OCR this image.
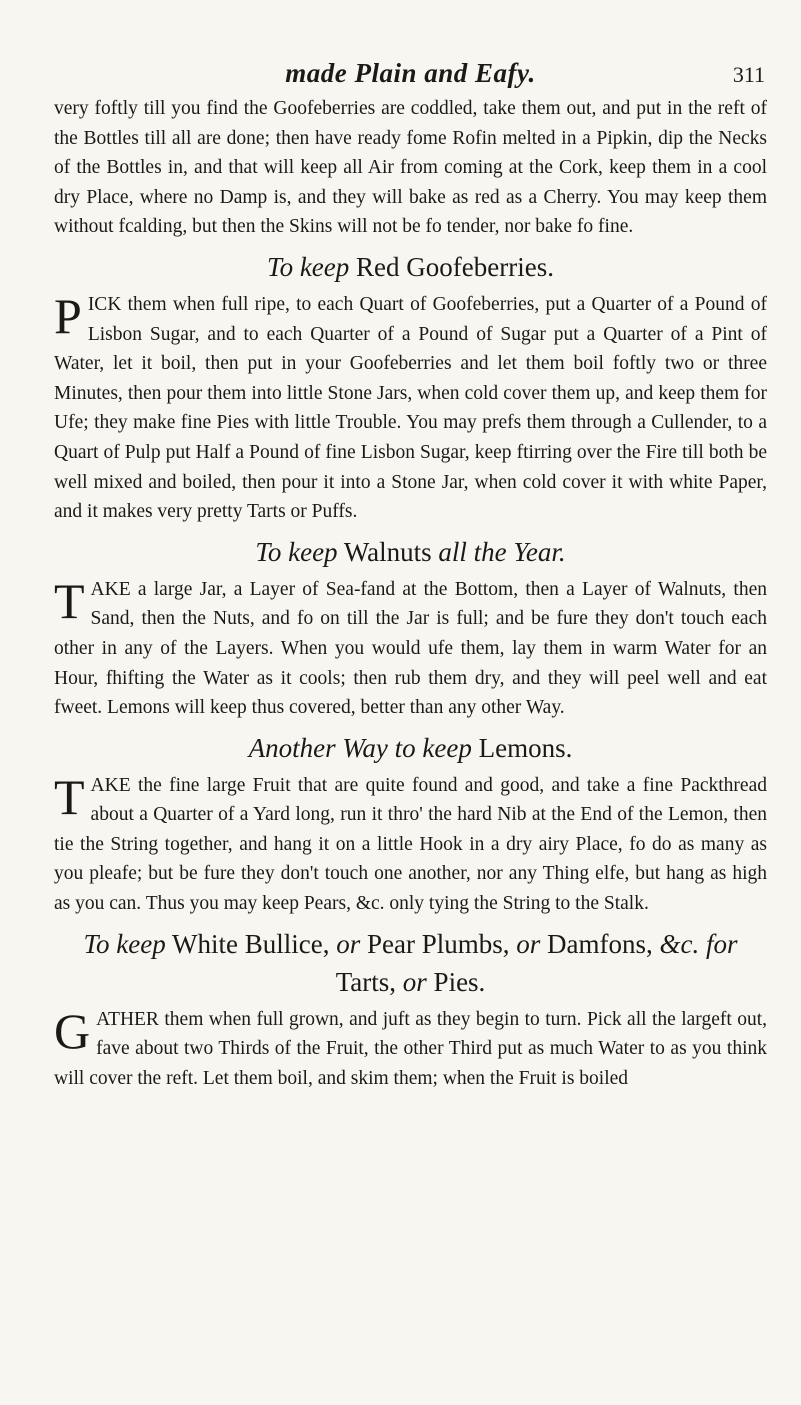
made Plain and Eafy.	311

very foftly till you find the Goofeberries are coddled, take them out, and put in the reft of the Bottles till all are done; then have ready fome Rofin melted in a Pipkin, dip the Necks of the Bottles in, and that will keep all Air from coming at the Cork, keep them in a cool dry Place, where no Damp is, and they will bake as red as a Cherry. You may keep them without fcalding, but then the Skins will not be fo tender, nor bake fo fine.

To keep Red Goofeberries.

PICK them when full ripe, to each Quart of Goofeberries, put a Quarter of a Pound of Lisbon Sugar, and to each Quarter of a Pound of Sugar put a Quarter of a Pint of Water, let it boil, then put in your Goofeberries and let them boil foftly two or three Minutes, then pour them into little Stone Jars, when cold cover them up, and keep them for Ufe; they make fine Pies with little Trouble. You may prefs them through a Cullender, to a Quart of Pulp put Half a Pound of fine Lisbon Sugar, keep ftirring over the Fire till both be well mixed and boiled, then pour it into a Stone Jar, when cold cover it with white Paper, and it makes very pretty Tarts or Puffs.

To keep Walnuts all the Year.

TAKE a large Jar, a Layer of Sea-fand at the Bottom, then a Layer of Walnuts, then Sand, then the Nuts, and fo on till the Jar is full; and be fure they don't touch each other in any of the Layers. When you would ufe them, lay them in warm Water for an Hour, fhifting the Water as it cools; then rub them dry, and they will peel well and eat fweet. Lemons will keep thus covered, better than any other Way.

Another Way to keep Lemons.

TAKE the fine large Fruit that are quite found and good, and take a fine Packthread about a Quarter of a Yard long, run it thro' the hard Nib at the End of the Lemon, then tie the String together, and hang it on a little Hook in a dry airy Place, fo do as many as you pleafe; but be fure they don't touch one another, nor any Thing elfe, but hang as high as you can. Thus you may keep Pears, &c. only tying the String to the Stalk.

To keep White Bullice, or Pear Plumbs, or Damfons, &c. for Tarts, or Pies.

GATHER them when full grown, and juft as they begin to turn. Pick all the largeft out, fave about two Thirds of the Fruit, the other Third put as much Water to as you think will cover the reft. Let them boil, and skim them; when the Fruit is boiled
